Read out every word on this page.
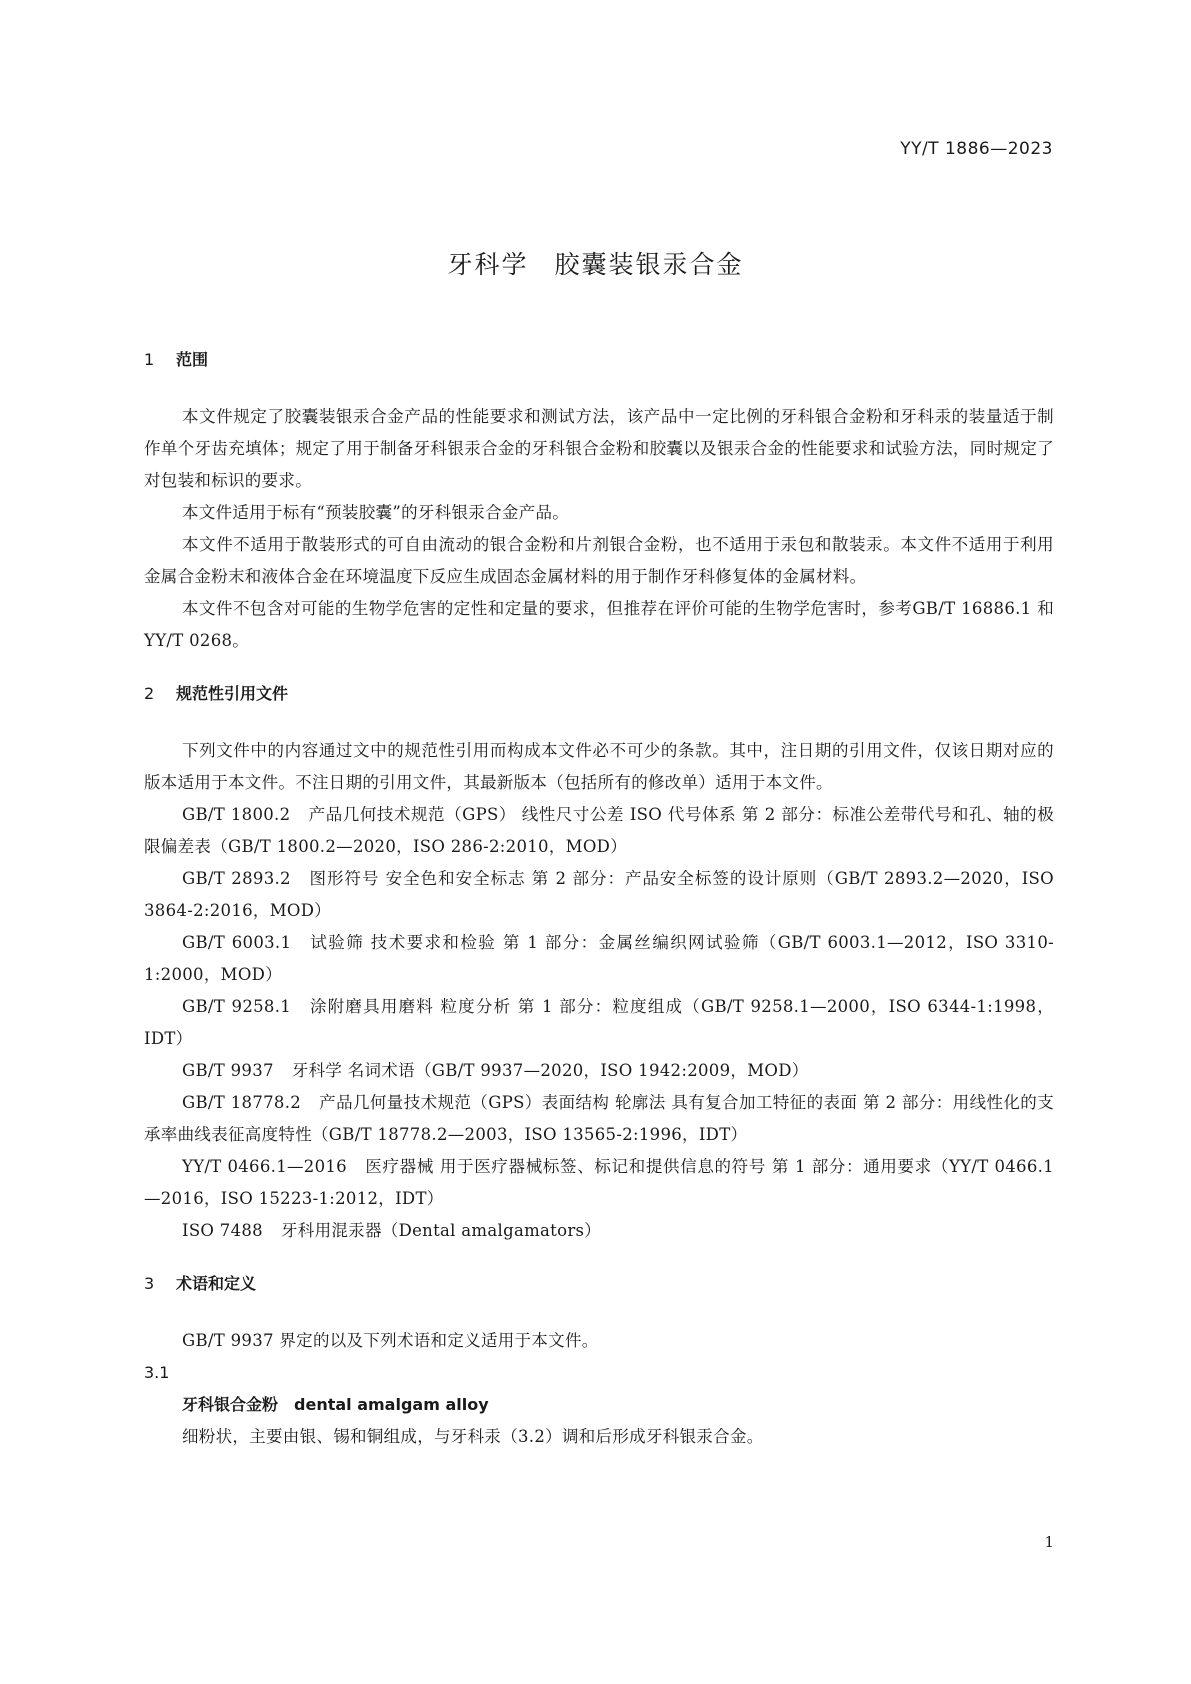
YY/T 1886—2023
牙科学 胶囊装银汞合金
1 范围

本文件规定了胶囊装银汞合金产品的性能要求和测试方法，该产品中一定比例的牙科银合金粉和牙科汞的装量适于制作单个牙齿充填体；规定了用于制备牙科银汞合金的牙科银合金粉和胶囊以及银汞合金的性能要求和试验方法，同时规定了对包装和标识的要求。

本文件适用于标有“预装胶囊”的牙科银汞合金产品。

本文件不适用于散装形式的可自由流动的银合金粉和片剂银合金粉，也不适用于汞包和散装汞。本文件不适用于利用金属合金粉末和液体合金在环境温度下反应生成固态金属材料的用于制作牙科修复体的金属材料。

本文件不包含对可能的生物学危害的定性和定量的要求，但推荐在评价可能的生物学危害时，参考GB/T 16886.1 和 YY/T 0268。

2 规范性引用文件

下列文件中的内容通过文中的规范性引用而构成本文件必不可少的条款。其中，注日期的引用文件，仅该日期对应的版本适用于本文件。不注日期的引用文件，其最新版本（包括所有的修改单）适用于本文件。

GB/T 1800.2 产品几何技术规范（GPS） 线性尺寸公差 ISO 代号体系 第 2 部分：标准公差带代号和孔、轴的极限偏差表（GB/T 1800.2—2020，ISO 286-2:2010，MOD）

GB/T 2893.2 图形符号 安全色和安全标志 第 2 部分：产品安全标签的设计原则（GB/T 2893.2—2020，ISO 3864-2:2016，MOD）

GB/T 6003.1 试验筛 技术要求和检验 第 1 部分：金属丝编织网试验筛（GB/T 6003.1—2012，ISO 3310-1:2000，MOD）

GB/T 9258.1 涂附磨具用磨料 粒度分析 第 1 部分：粒度组成（GB/T 9258.1—2000，ISO 6344-1:1998，IDT）

GB/T 9937 牙科学 名词术语（GB/T 9937—2020，ISO 1942:2009，MOD）

GB/T 18778.2 产品几何量技术规范（GPS）表面结构 轮廓法 具有复合加工特征的表面 第 2 部分：用线性化的支承率曲线表征高度特性（GB/T 18778.2—2003，ISO 13565-2:1996，IDT）

YY/T 0466.1—2016 医疗器械 用于医疗器械标签、标记和提供信息的符号 第 1 部分：通用要求（YY/T 0466.1—2016，ISO 15223-1:2012，IDT）

ISO 7488 牙科用混汞器（Dental amalgamators）

3 术语和定义

GB/T 9937 界定的以及下列术语和定义适用于本文件。

3.1
牙科银合金粉 dental amalgam alloy

细粉状，主要由银、锡和铜组成，与牙科汞（3.2）调和后形成牙科银汞合金。

1
